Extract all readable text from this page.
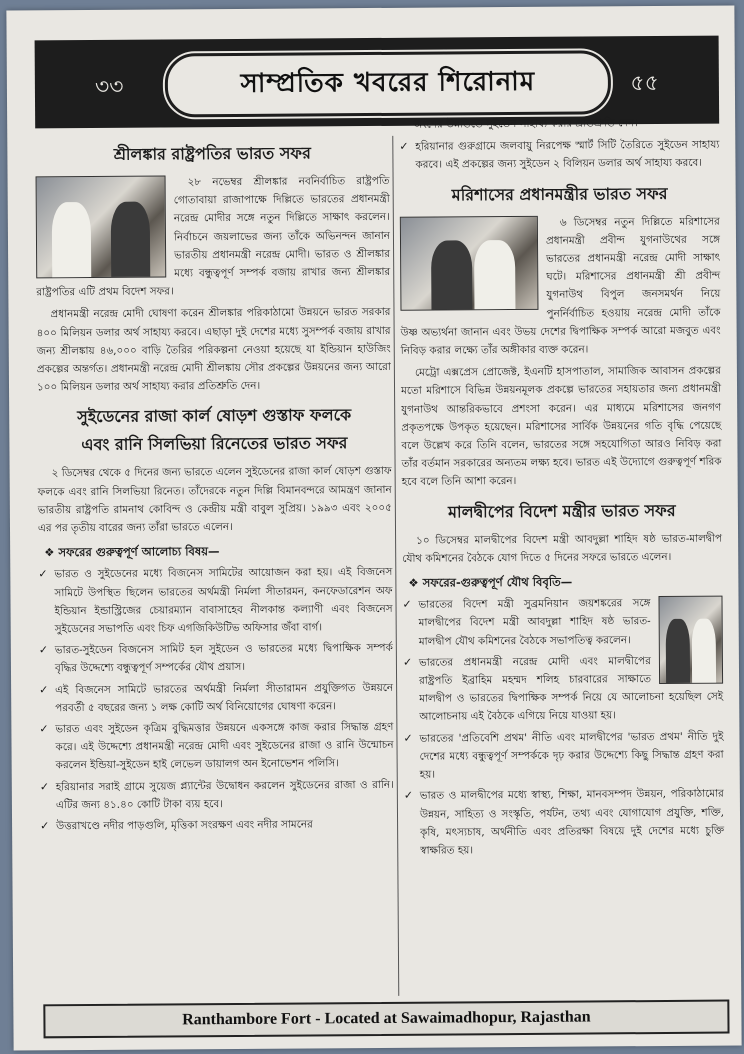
৩৩	সাম্প্রতিক খবরের শিরোনাম	৫৫
শ্রীলঙ্কার রাষ্ট্রপতির ভারত সফর

২৮ নভেম্বর শ্রীলঙ্কার নবনির্বাচিত রাষ্ট্রপতি গোতাবায়া রাজাপাক্ষে দিল্লিতে ভারতের প্রধানমন্ত্রী নরেন্দ্র মোদীর সঙ্গে নতুন দিল্লিতে সাক্ষাৎ করলেন। নির্বাচনে জয়লাভের জন্য তাঁকে অভিনন্দন জানান ভারতীয় প্রধানমন্ত্রী নরেন্দ্র মোদী। ভারত ও শ্রীলঙ্কার মধ্যে বন্ধুত্বপূর্ণ সম্পর্ক বজায় রাখার জন্য শ্রীলঙ্কার রাষ্ট্রপতির এটি প্রথম বিদেশ সফর।

প্রধানমন্ত্রী নরেন্দ্র মোদী ঘোষণা করেন শ্রীলঙ্কার পরিকাঠামো উন্নয়নে ভারত সরকার ৪০০ মিলিয়ন ডলার অর্থ সাহায্য করবে। এছাড়া দুই দেশের মধ্যে সুসম্পর্ক বজায় রাখার জন্য শ্রীলঙ্কায় ৪৬,০০০ বাড়ি তৈরির পরিকল্পনা নেওয়া হয়েছে যা ইন্ডিয়ান হাউজিং প্রকল্পের অন্তর্গত। প্রধানমন্ত্রী নরেন্দ্র মোদী শ্রীলঙ্কায় সৌর প্রকল্পের উন্নয়নের জন্য আরো ১০০ মিলিয়ন ডলার অর্থ সাহায্য করার প্রতিশ্রুতি দেন।

সুইডেনের রাজা কার্ল ষোড়শ গুস্তাফ ফলকে
এবং রানি সিলভিয়া রিনেতের ভারত সফর

২ ডিসেম্বর থেকে ৫ দিনের জন্য ভারতে এলেন সুইডেনের রাজা কার্ল ষোড়শ গুস্তাফ ফলকে এবং রানি সিলভিয়া রিনেত। তাঁদেরকে নতুন দিল্লি বিমানবন্দরে আমন্ত্রণ জানান ভারতীয় রাষ্ট্রপতি রামনাথ কোবিন্দ ও কেন্দ্রীয় মন্ত্রী বাবুল সুপ্রিয়। ১৯৯৩ এবং ২০০৫ এর পর তৃতীয় বারের জন্য তাঁরা ভারতে এলেন।

❖ সফরের গুরুত্বপূর্ণ আলোচ্য বিষয়—
✓ ভারত ও সুইডেনের মধ্যে বিজনেস সামিটের আয়োজন করা হয়। এই বিজনেস সামিটে উপস্থিত ছিলেন ভারতের অর্থমন্ত্রী নির্মলা সীতারমন, কনফেডারেশন অফ ইন্ডিয়ান ইন্ডাস্ট্রিজের চেয়ারম্যান বাবাসাহেব নীলকান্ত কল্যাণী এবং বিজনেস সুইডেনের সভাপতি এবং চিফ এগজিকিউটিভ অফিসার জঁবা বার্গ।
✓ ভারত-সুইডেন বিজনেস সামিট হল সুইডেন ও ভারতের মধ্যে দ্বিপাক্ষিক সম্পর্ক বৃদ্ধির উদ্দেশ্যে বন্ধুত্বপূর্ণ সম্পর্কের যৌথ প্রয়াস।
✓ এই বিজনেস সামিটে ভারতের অর্থমন্ত্রী নির্মলা সীতারামন প্রযুক্তিগত উন্নয়নে পরবর্তী ৫ বছরের জন্য ১ লক্ষ কোটি অর্থ বিনিয়োগের ঘোষণা করেন।
✓ ভারত এবং সুইডেন কৃত্রিম বুদ্ধিমত্তার উন্নয়নে একসঙ্গে কাজ করার সিদ্ধান্ত গ্রহণ করে। এই উদ্দেশ্যে প্রধানমন্ত্রী নরেন্দ্র মোদী এবং সুইডেনের রাজা ও রানি উন্মোচন করলেন ইন্ডিয়া-সুইডেন হাই লেভেল ডায়ালগ অন ইনোভেশন পলিসি।
✓ হরিয়ানার সরাই গ্রামে সুয়েজ প্ল্যান্টের উদ্বোধন করলেন সুইডেনের রাজা ও রানি। এটির জন্য ৪১.৪০ কোটি টাকা ব্যয় হবে।
✓ উত্তরাখণ্ডে নদীর পাড়গুলি, মৃত্তিকা সংরক্ষণ এবং নদীর সামনের

অংশের উন্নতিতে সুইডেন সাহায্য করার প্রতিশ্রুতি দেন।

✓ হরিয়ানার গুরুগ্রামে জলবায়ু নিরপেক্ষ স্মার্ট সিটি তৈরিতে সুইডেন সাহায্য করবে। এই প্রকল্পের জন্য সুইডেন ২ বিলিয়ন ডলার অর্থ সাহায্য করবে।
মরিশাসের প্রধানমন্ত্রীর ভারত সফর

৬ ডিসেম্বর নতুন দিল্লিতে মরিশাসের প্রধানমন্ত্রী প্রবীন্দ যুগনাউথের সঙ্গে ভারতের প্রধানমন্ত্রী নরেন্দ্র মোদী সাক্ষাৎ ঘটে। মরিশাসের প্রধানমন্ত্রী শ্রী প্রবীন্দ যুগনাউথ বিপুল জনসমর্থন নিয়ে পুনর্নির্বাচিত হওয়ায় নরেন্দ্র মোদী তাঁকে উষ্ণ অভ্যর্থনা জানান এবং উভয় দেশের দ্বিপাক্ষিক সম্পর্ক আরো মজবুত এবং নিবিড় করার লক্ষ্যে তাঁর অঙ্গীকার ব্যক্ত করেন।

মেট্রো এক্সপ্রেস প্রোজেক্ট, ইএনটি হাসপাতাল, সামাজিক আবাসন প্রকল্পের মতো মরিশাসে বিভিন্ন উন্নয়নমূলক প্রকল্পে ভারতের সহায়তার জন্য প্রধানমন্ত্রী যুগনাউথ আন্তরিকভাবে প্রশংসা করেন। এর মাধ্যমে মরিশাসের জনগণ প্রকৃতপক্ষে উপকৃত হয়েছেন। মরিশাসের সার্বিক উন্নয়নের গতি বৃদ্ধি পেয়েছে বলে উল্লেখ করে তিনি বলেন, ভারতের সঙ্গে সহযোগিতা আরও নিবিড় করা তাঁর বর্তমান সরকারের অন্যতম লক্ষ্য হবে। ভারত এই উদ্যোগে গুরুত্বপূর্ণ শরিক হবে বলে তিনি আশা করেন।

মালদ্বীপের বিদেশ মন্ত্রীর ভারত সফর

১০ ডিসেম্বর মালদ্বীপের বিদেশ মন্ত্রী আবদুল্লা শাহিদ ষষ্ঠ ভারত-মালদ্বীপ যৌথ কমিশনের বৈঠকে যোগ দিতে ৫ দিনের সফরে ভারতে এলেন।

❖ সফরের-গুরুত্বপূর্ণ যৌথ বিবৃতি—
✓ ভারতের বিদেশ মন্ত্রী সুব্রমনিয়ান জয়শঙ্করের সঙ্গে মালদ্বীপের বিদেশ মন্ত্রী আবদুল্লা শাহিদ ষষ্ঠ ভারত-মালদ্বীপ যৌথ কমিশনের বৈঠকে সভাপতিত্ব করলেন।
✓ ভারতের প্রধানমন্ত্রী নরেন্দ্র মোদী এবং মালদ্বীপের রাষ্ট্রপতি ইব্রাহিম মহম্মদ শলিহ চারবারের সাক্ষাতে মালদ্বীপ ও ভারতের দ্বিপাক্ষিক সম্পর্ক নিয়ে যে আলোচনা হয়েছিল সেই আলোচনায় এই বৈঠকে এগিয়ে নিয়ে যাওয়া হয়।
✓ ভারতের 'প্রতিবেশি প্রথম' নীতি এবং মালদ্বীপের 'ভারত প্রথম' নীতি দুই দেশের মধ্যে বন্ধুত্বপূর্ণ সম্পর্ককে দৃঢ় করার উদ্দেশ্যে কিছু সিদ্ধান্ত গ্রহণ করা হয়।
✓ ভারত ও মালদ্বীপের মধ্যে স্বাস্থ্য, শিক্ষা, মানবসম্পদ উন্নয়ন, পরিকাঠামোর উন্নয়ন, সাহিত্য ও সংস্কৃতি, পর্যটন, তথ্য এবং যোগাযোগ প্রযুক্তি, শক্তি, কৃষি, মৎস্যচাষ, অর্থনীতি এবং প্রতিরক্ষা বিষয়ে দুই দেশের মধ্যে চুক্তি স্বাক্ষরিত হয়।
Ranthambore Fort - Located at Sawaimadhopur, Rajasthan
